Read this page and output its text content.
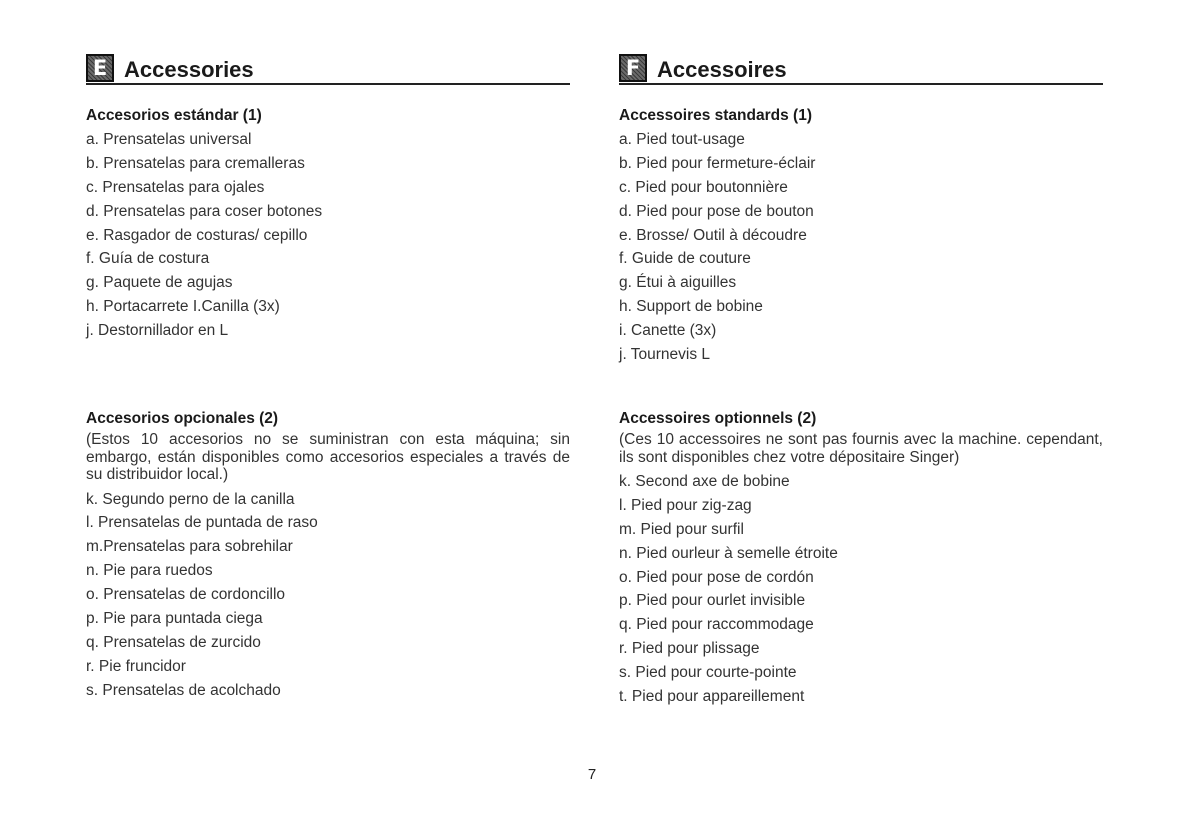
E Accessories

Accesorios estándar (1)

a. Prensatelas universal

b. Prensatelas para cremalleras

c. Prensatelas para ojales

d. Prensatelas para coser botones

e. Rasgador de costuras/ cepillo

f. Guía de costura

g. Paquete de agujas

h. Portacarrete I.Canilla (3x)

j. Destornillador en L

Accesorios opcionales (2)

(Estos 10 accesorios no se suministran con esta máquina; sin embargo, están disponibles como accesorios especiales a través de su distribuidor local.)

k. Segundo perno de la canilla

l. Prensatelas de puntada de raso

m.Prensatelas para sobrehilar

n. Pie para ruedos

o. Prensatelas de cordoncillo

p. Pie para puntada ciega

q. Prensatelas de zurcido

r. Pie fruncidor

s. Prensatelas de acolchado

F Accessoires

Accessoires standards (1)

a. Pied tout-usage

b. Pied pour fermeture-éclair

c. Pied pour boutonnière

d. Pied pour pose de bouton

e. Brosse/ Outil à découdre

f. Guide de couture

g. Étui à aiguilles

h. Support de bobine

i. Canette (3x)

j. Tournevis L

Accessoires optionnels (2)

(Ces 10 accessoires ne sont pas fournis avec la machine. cependant, ils sont disponibles chez votre dépositaire Singer)

k. Second axe de bobine

l. Pied pour zig-zag

m. Pied pour surfil

n. Pied ourleur à semelle étroite

o. Pied pour pose de cordón

p. Pied pour ourlet invisible

q. Pied pour raccommodage

r. Pied pour plissage

s. Pied pour courte-pointe

t. Pied pour appareillement

7
